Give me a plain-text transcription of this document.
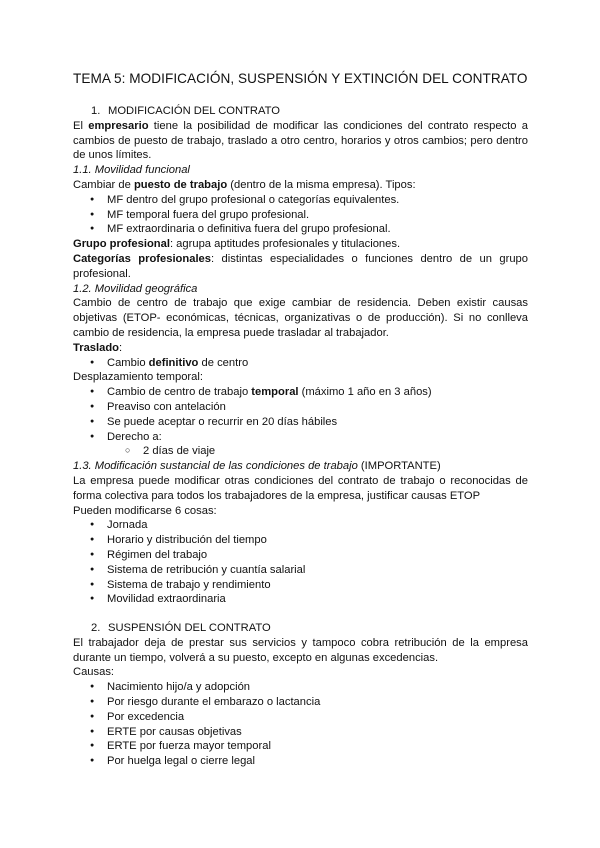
TEMA 5: MODIFICACIÓN, SUSPENSIÓN Y EXTINCIÓN DEL CONTRATO

1. MODIFICACIÓN DEL CONTRATO

El empresario tiene la posibilidad de modificar las condiciones del contrato respecto a cambios de puesto de trabajo, traslado a otro centro, horarios y otros cambios; pero dentro de unos límites.

1.1. Movilidad funcional

Cambiar de puesto de trabajo (dentro de la misma empresa). Tipos:

● MF dentro del grupo profesional o categorías equivalentes.
● MF temporal fuera del grupo profesional.
● MF extraordinaria o definitiva fuera del grupo profesional.

Grupo profesional: agrupa aptitudes profesionales y titulaciones.

Categorías profesionales: distintas especialidades o funciones dentro de un grupo profesional.

1.2. Movilidad geográfica

Cambio de centro de trabajo que exige cambiar de residencia. Deben existir causas objetivas (ETOP- económicas, técnicas, organizativas o de producción). Si no conlleva cambio de residencia, la empresa puede trasladar al trabajador.

Traslado:

● Cambio definitivo de centro

Desplazamiento temporal:

● Cambio de centro de trabajo temporal (máximo 1 año en 3 años)
● Preaviso con antelación
● Se puede aceptar o recurrir en 20 días hábiles
● Derecho a:
○ 2 días de viaje

1.3. Modificación sustancial de las condiciones de trabajo (IMPORTANTE)

La empresa puede modificar otras condiciones del contrato de trabajo o reconocidas de forma colectiva para todos los trabajadores de la empresa, justificar causas ETOP

Pueden modificarse 6 cosas:

● Jornada
● Horario y distribución del tiempo
● Régimen del trabajo
● Sistema de retribución y cuantía salarial
● Sistema de trabajo y rendimiento
● Movilidad extraordinaria

2. SUSPENSIÓN DEL CONTRATO

El trabajador deja de prestar sus servicios y tampoco cobra retribución de la empresa durante un tiempo, volverá a su puesto, excepto en algunas excedencias.

Causas:

● Nacimiento hijo/a y adopción
● Por riesgo durante el embarazo o lactancia
● Por excedencia
● ERTE por causas objetivas
● ERTE por fuerza mayor temporal
● Por huelga legal o cierre legal
